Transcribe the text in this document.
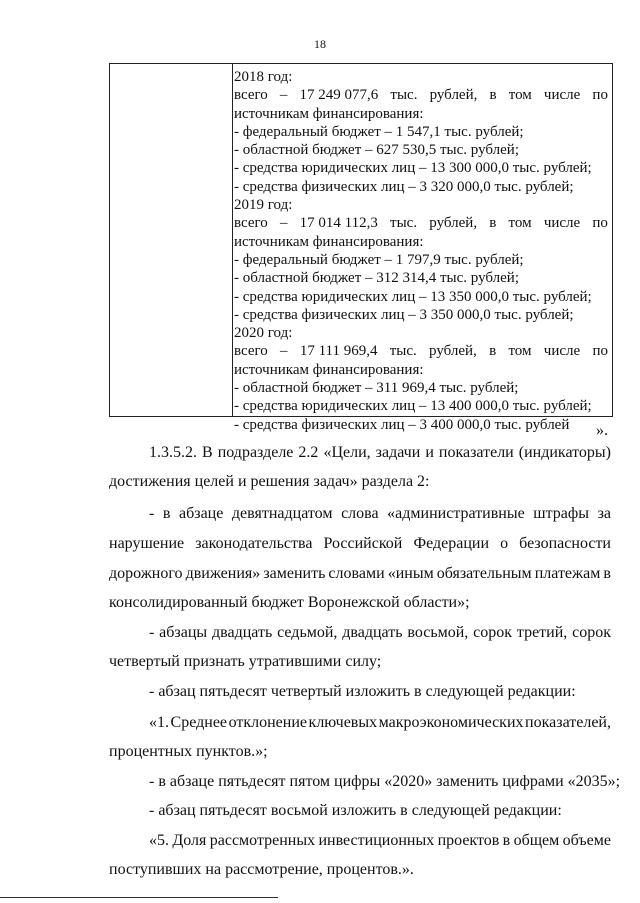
18
2018 год:
всего – 17 249 077,6 тыс. рублей, в том числе по
источникам финансирования:
- федеральный бюджет – 1 547,1 тыс. рублей;
- областной бюджет – 627 530,5 тыс. рублей;
- средства юридических лиц – 13 300 000,0 тыс. рублей;
- средства физических лиц – 3 320 000,0 тыс. рублей;
2019 год:
всего – 17 014 112,3 тыс. рублей, в том числе по
источникам финансирования:
- федеральный бюджет – 1 797,9 тыс. рублей;
- областной бюджет – 312 314,4 тыс. рублей;
- средства юридических лиц – 13 350 000,0 тыс. рублей;
- средства физических лиц – 3 350 000,0 тыс. рублей;
2020 год:
всего – 17 111 969,4 тыс. рублей, в том числе по
источникам финансирования:
- областной бюджет – 311 969,4 тыс. рублей;
- средства юридических лиц – 13 400 000,0 тыс. рублей;
- средства физических лиц – 3 400 000,0 тыс. рублей	».
1.3.5.2. В подразделе 2.2 «Цели, задачи и показатели (индикаторы)
достижения целей и решения задач» раздела 2:
- в абзаце девятнадцатом слова «административные штрафы за
нарушение законодательства Российской Федерации о безопасности
дорожного движения» заменить словами «иным обязательным платежам в
консолидированный бюджет Воронежской области»;
- абзацы двадцать седьмой, двадцать восьмой, сорок третий, сорок
четвертый признать утратившими силу;
- абзац пятьдесят четвертый изложить в следующей редакции:
«1. Среднее отклонение ключевых макроэкономических показателей,
процентных пунктов.»;
- в абзаце пятьдесят пятом цифры «2020» заменить цифрами «2035»;
- абзац пятьдесят восьмой изложить в следующей редакции:
«5. Доля рассмотренных инвестиционных проектов в общем объеме
поступивших на рассмотрение, процентов.».
